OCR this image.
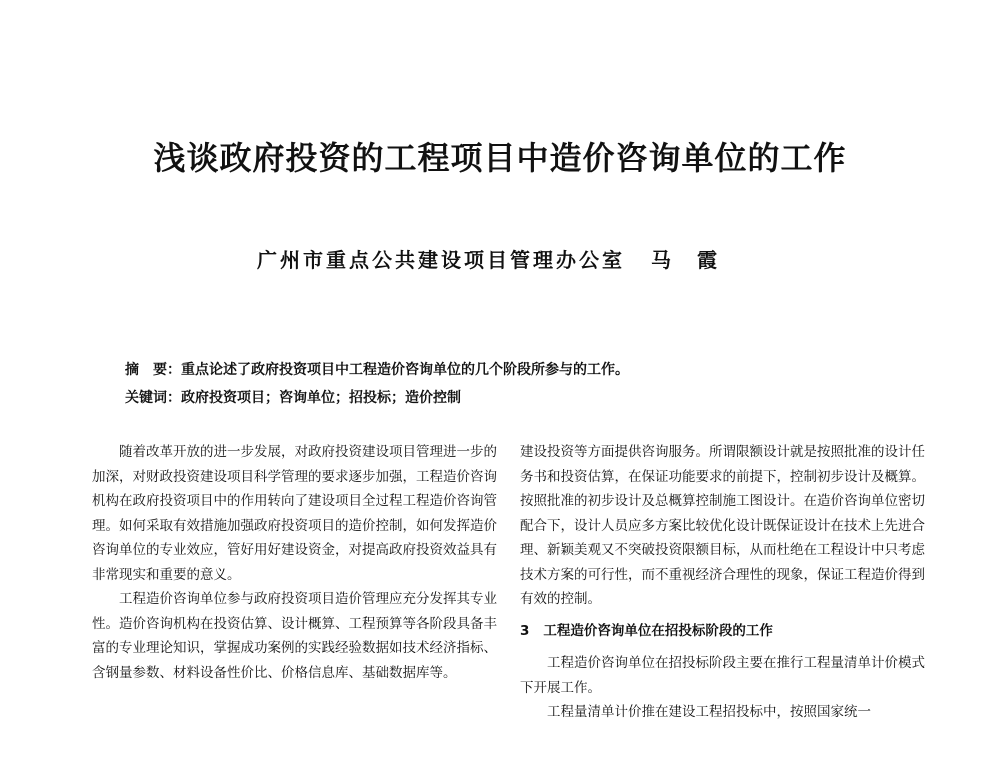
浅谈政府投资的工程项目中造价咨询单位的工作
广州市重点公共建设项目管理办公室 马霞
摘　要：重点论述了政府投资项目中工程造价咨询单位的几个阶段所参与的工作。
关键词：政府投资项目；咨询单位；招投标；造价控制

随着改革开放的进一步发展，对政府投资建设项目管理进一步的加深，对财政投资建设项目科学管理的要求逐步加强，工程造价咨询机构在政府投资项目中的作用转向了建设项目全过程工程造价咨询管理。如何采取有效措施加强政府投资项目的造价控制，如何发挥造价咨询单位的专业效应，管好用好建设资金，对提高政府投资效益具有非常现实和重要的意义。

工程造价咨询单位参与政府投资项目造价管理应充分发挥其专业性。造价咨询机构在投资估算、设计概算、工程预算等各阶段具备丰富的专业理论知识，掌握成功案例的实践经验数据如技术经济指标、含钢量参数、材料设备性价比、价格信息库、基础数据库等。

建设投资等方面提供咨询服务。所谓限额设计就是按照批准的设计任务书和投资估算，在保证功能要求的前提下，控制初步设计及概算。按照批准的初步设计及总概算控制施工图设计。在造价咨询单位密切配合下，设计人员应多方案比较优化设计既保证设计在技术上先进合理、新颖美观又不突破投资限额目标，从而杜绝在工程设计中只考虑技术方案的可行性，而不重视经济合理性的现象，保证工程造价得到有效的控制。

3 工程造价咨询单位在招投标阶段的工作

工程造价咨询单位在招投标阶段主要在推行工程量清单计价模式下开展工作。

工程量清单计价推在建设工程招投标中，按照国家统一
